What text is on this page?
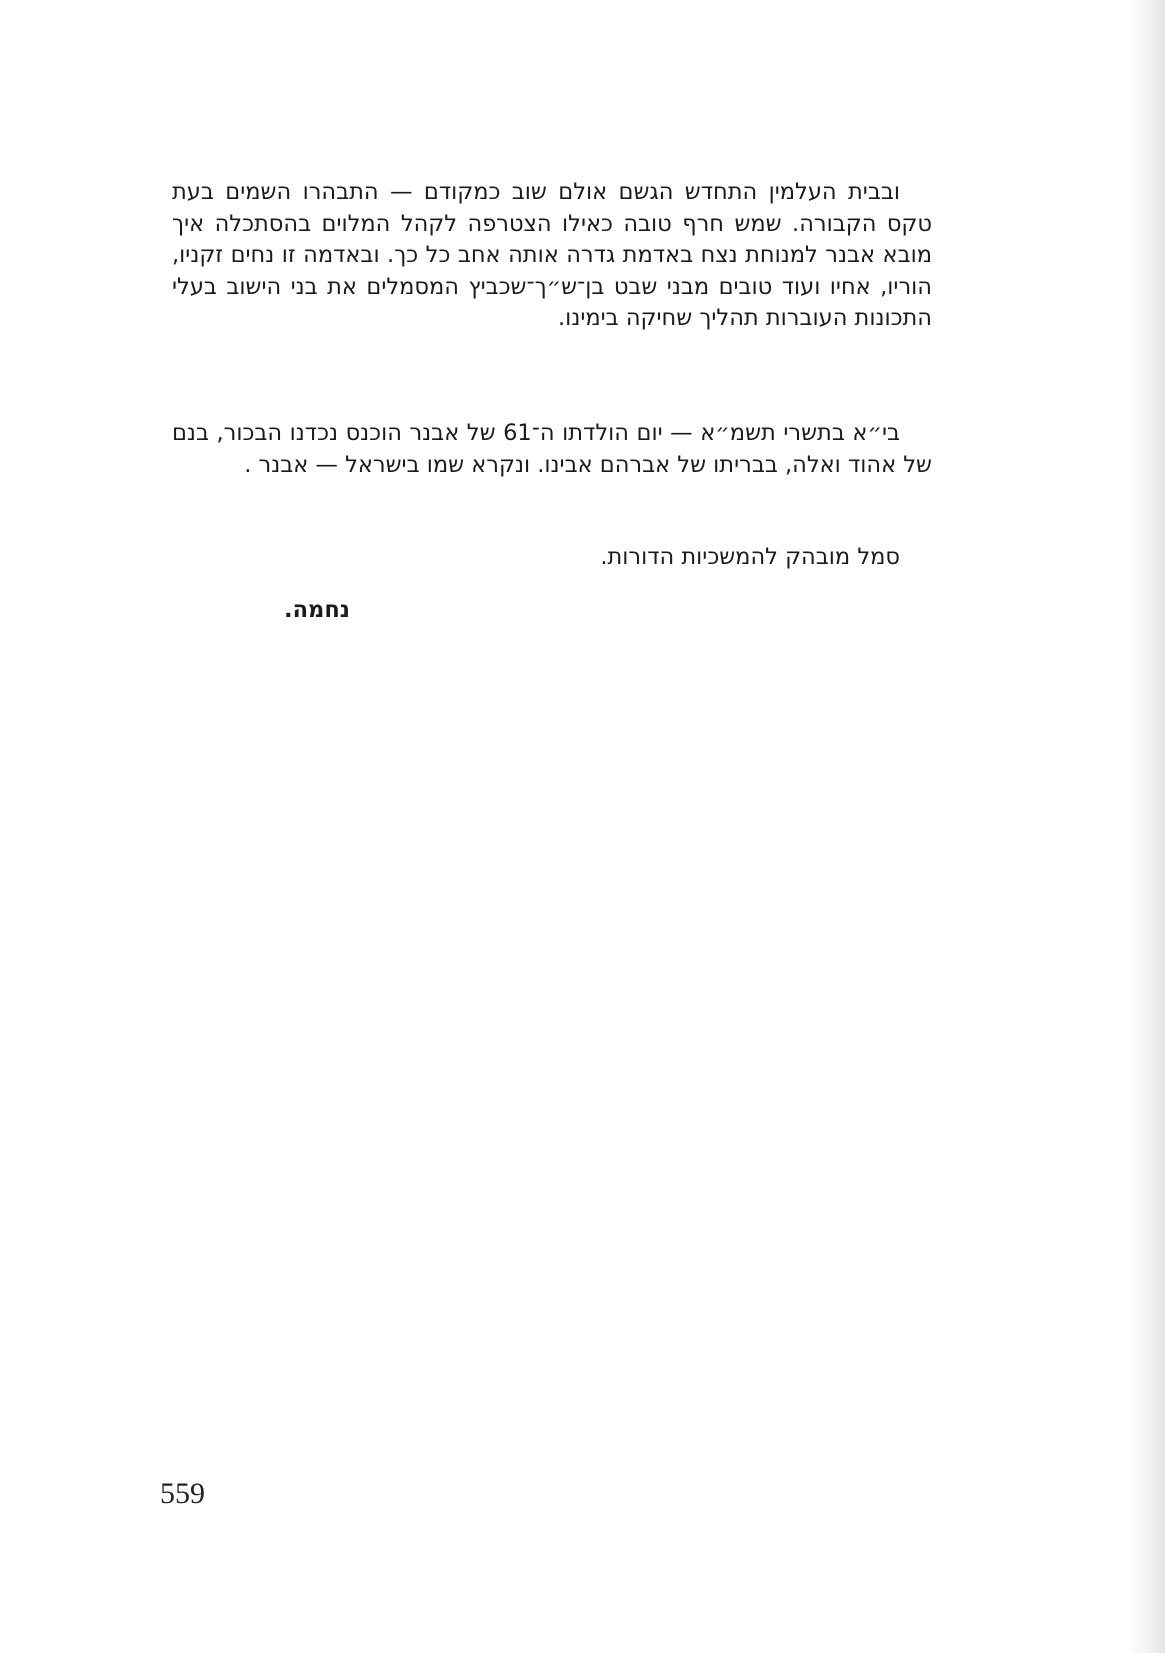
ובבית העלמין התחדש הגשם אולם שוב כמקודם — התבהרו השמים בעת טקס הקבורה. שמש חרף טובה כאילו הצטרפה לקהל המלוים בהסתכלה איך מובא אבנר למנוחת נצח באדמת גדרה אותה אחב כל כך. ובאדמה זו נחים זקניו, הוריו, אחיו ועוד טובים מבני שבט בן־ש״ך־שכביץ המסמלים את בני הישוב בעלי התכונות העוברות תהליך שחיקה בימינו.

בי״א בתשרי תשמ״א — יום הולדתו ה־61 של אבנר הוכנס נכדנו הבכור, בנם של אהוד ואלה, בבריתו של אברהם אבינו. ונקרא שמו בישראל — אבנר .

סמל מובהק להמשכיות הדורות.

נחמה.
559
